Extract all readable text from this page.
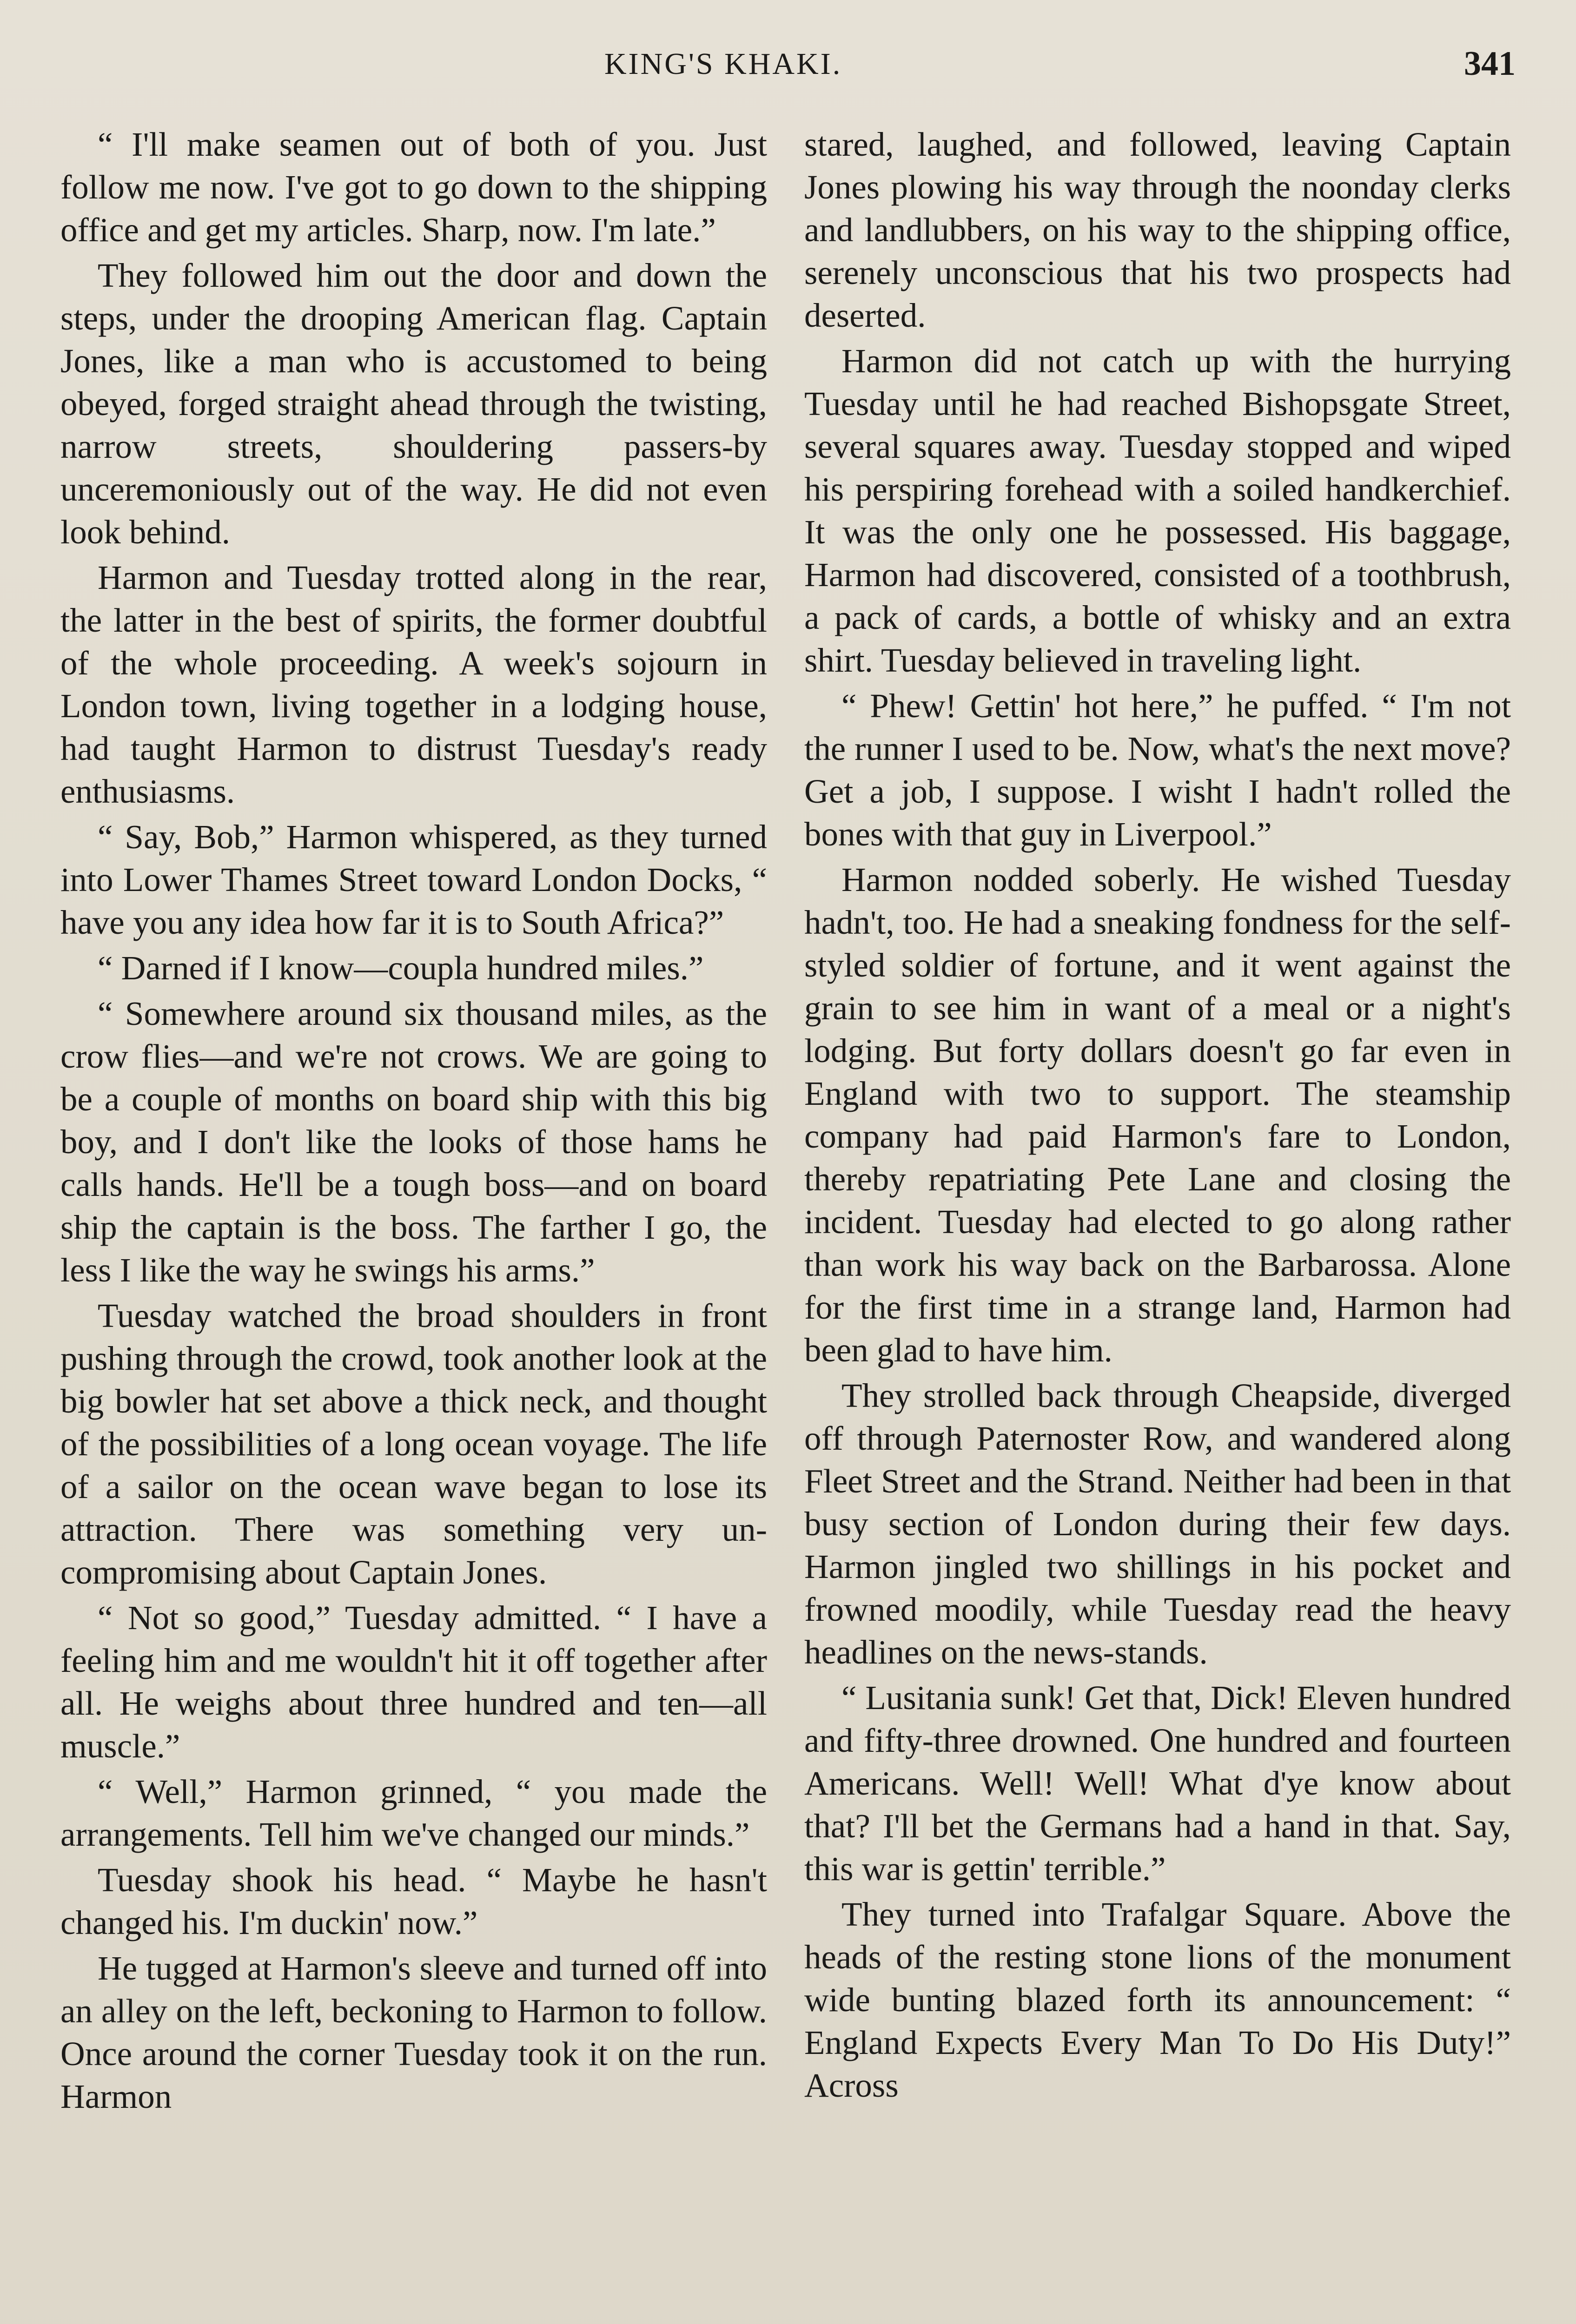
KING'S KHAKI.	341

“ I'll make seamen out of both of you. Just follow me now. I've got to go down to the shipping office and get my articles. Sharp, now. I'm late.”

They followed him out the door and down the steps, under the drooping American flag. Captain Jones, like a man who is accustomed to being obeyed, forged straight ahead through the twisting, narrow streets, shouldering passers-by unceremoniously out of the way. He did not even look behind.

Harmon and Tuesday trotted along in the rear, the latter in the best of spirits, the former doubtful of the whole proceeding. A week's sojourn in London town, living together in a lodging house, had taught Harmon to distrust Tuesday's ready enthusiasms.

“ Say, Bob,” Harmon whispered, as they turned into Lower Thames Street toward London Docks, “ have you any idea how far it is to South Africa?”

“ Darned if I know—coupla hundred miles.”

“ Somewhere around six thousand miles, as the crow flies—and we're not crows. We are going to be a couple of months on board ship with this big boy, and I don't like the looks of those hams he calls hands. He'll be a tough boss—and on board ship the captain is the boss. The farther I go, the less I like the way he swings his arms.”

Tuesday watched the broad shoulders in front pushing through the crowd, took another look at the big bowler hat set above a thick neck, and thought of the possibilities of a long ocean voyage. The life of a sailor on the ocean wave began to lose its attraction. There was something very uncompromising about Captain Jones.

“ Not so good,” Tuesday admitted. “ I have a feeling him and me wouldn't hit it off together after all. He weighs about three hundred and ten—all muscle.”

“ Well,” Harmon grinned, “ you made the arrangements. Tell him we've changed our minds.”

Tuesday shook his head. “ Maybe he hasn't changed his. I'm duckin' now.”

He tugged at Harmon's sleeve and turned off into an alley on the left, beckoning to Harmon to follow. Once around the corner Tuesday took it on the run. Harmon

stared, laughed, and followed, leaving Captain Jones plowing his way through the noonday clerks and landlubbers, on his way to the shipping office, serenely unconscious that his two prospects had deserted.

Harmon did not catch up with the hurrying Tuesday until he had reached Bishopsgate Street, several squares away. Tuesday stopped and wiped his perspiring forehead with a soiled handkerchief. It was the only one he possessed. His baggage, Harmon had discovered, consisted of a toothbrush, a pack of cards, a bottle of whisky and an extra shirt. Tuesday believed in traveling light.

“ Phew! Gettin' hot here,” he puffed. “ I'm not the runner I used to be. Now, what's the next move? Get a job, I suppose. I wisht I hadn't rolled the bones with that guy in Liverpool.”

Harmon nodded soberly. He wished Tuesday hadn't, too. He had a sneaking fondness for the self-styled soldier of fortune, and it went against the grain to see him in want of a meal or a night's lodging. But forty dollars doesn't go far even in England with two to support. The steamship company had paid Harmon's fare to London, thereby repatriating Pete Lane and closing the incident. Tuesday had elected to go along rather than work his way back on the Barbarossa. Alone for the first time in a strange land, Harmon had been glad to have him.

They strolled back through Cheapside, diverged off through Paternoster Row, and wandered along Fleet Street and the Strand. Neither had been in that busy section of London during their few days. Harmon jingled two shillings in his pocket and frowned moodily, while Tuesday read the heavy headlines on the news-stands.

“ Lusitania sunk! Get that, Dick! Eleven hundred and fifty-three drowned. One hundred and fourteen Americans. Well! Well! What d'ye know about that? I'll bet the Germans had a hand in that. Say, this war is gettin' terrible.”

They turned into Trafalgar Square. Above the heads of the resting stone lions of the monument wide bunting blazed forth its announcement: “ England Expects Every Man To Do His Duty!” Across
